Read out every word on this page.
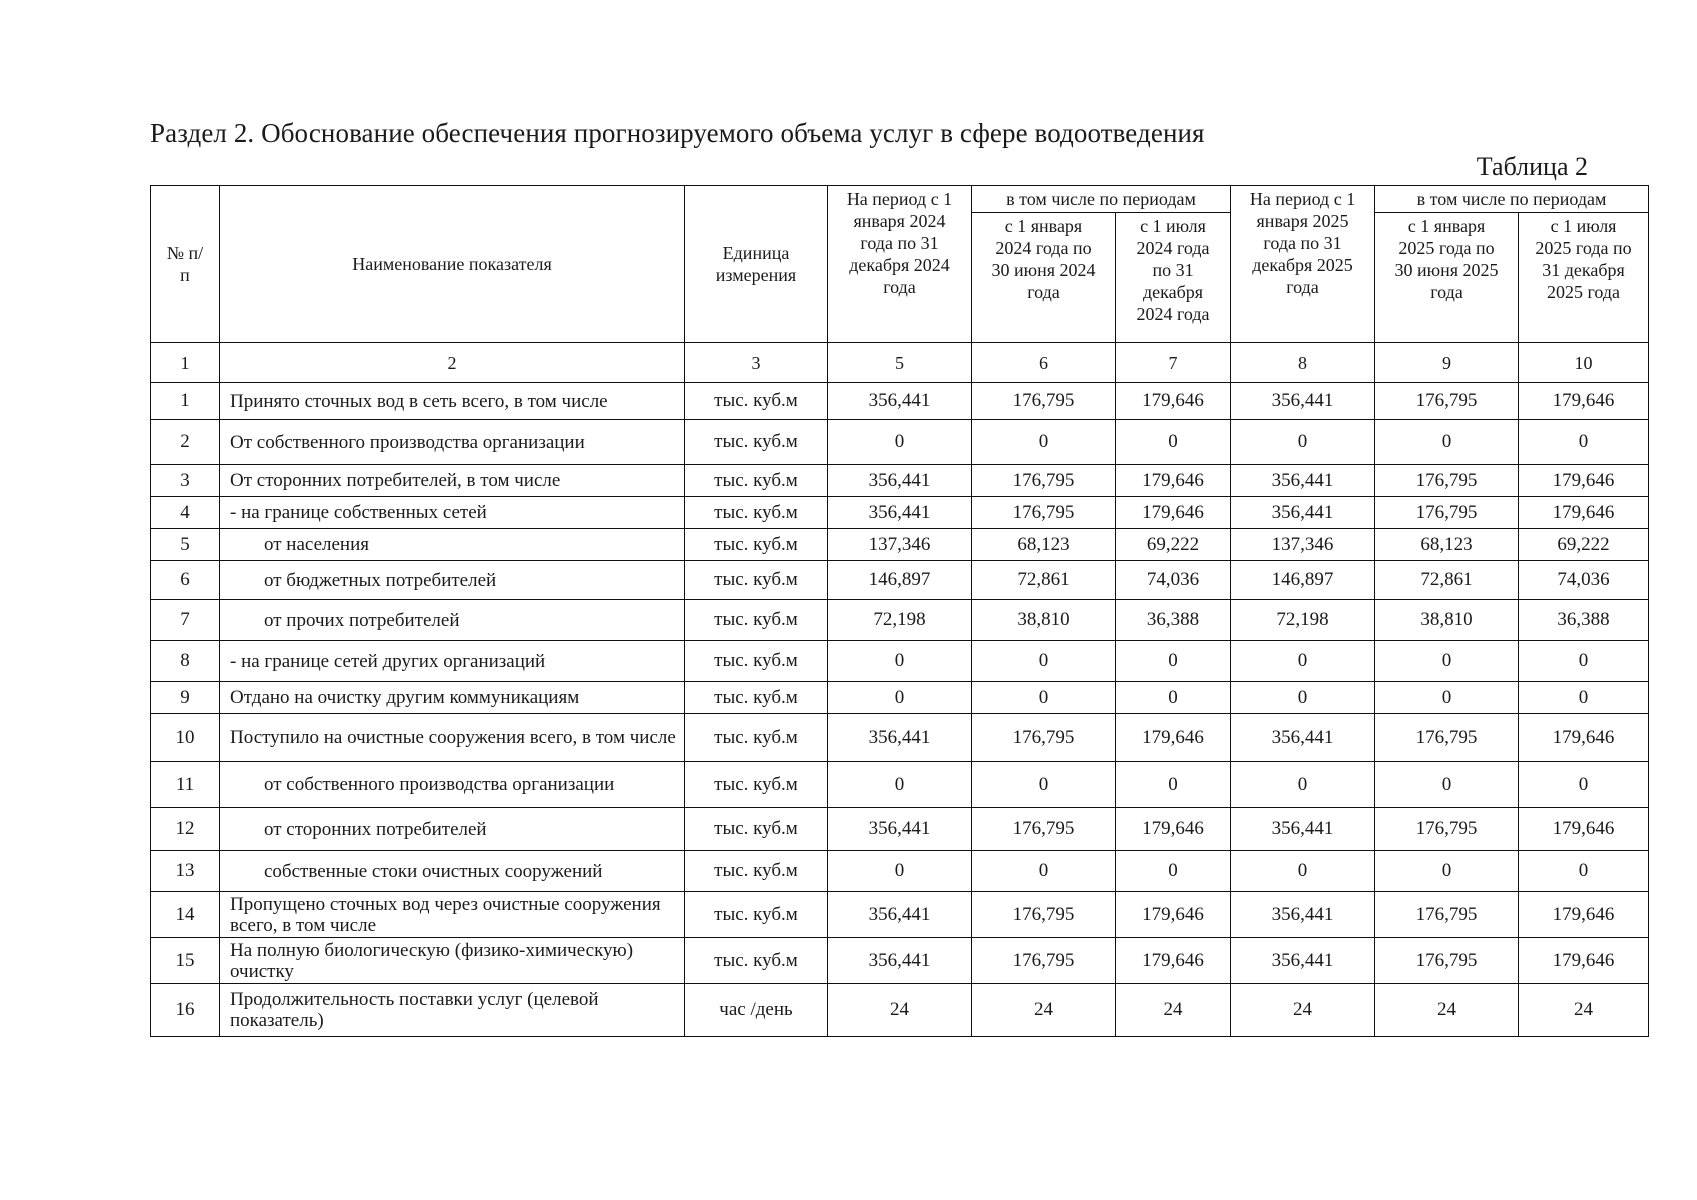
Раздел 2. Обоснование обеспечения прогнозируемого объема услуг в сфере водоотведения
Таблица 2
№ п/п	Наименование показателя	Единица измерения	На период с 1 января 2024 года по 31 декабря 2024 года	в том числе по периодам		На период с 1 января 2025 года по 31 декабря 2025 года	в том числе по периодам	
				с 1 января 2024 года по 30 июня 2024 года	с 1 июля 2024 года по 31 декабря 2024 года		с 1 января 2025 года по 30 июня 2025 года	с 1 июля 2025 года по 31 декабря 2025 года
1	2	3	5	6	7	8	9	10
1	Принято сточных вод в сеть всего, в том числе	тыс. куб.м	356,441	176,795	179,646	356,441	176,795	179,646
2	От собственного производства организации	тыс. куб.м	0	0	0	0	0	0
3	От сторонних потребителей, в том числе	тыс. куб.м	356,441	176,795	179,646	356,441	176,795	179,646
4	- на границе собственных сетей	тыс. куб.м	356,441	176,795	179,646	356,441	176,795	179,646
5	от населения	тыс. куб.м	137,346	68,123	69,222	137,346	68,123	69,222
6	от бюджетных потребителей	тыс. куб.м	146,897	72,861	74,036	146,897	72,861	74,036
7	от прочих потребителей	тыс. куб.м	72,198	38,810	36,388	72,198	38,810	36,388
8	- на границе сетей других организаций	тыс. куб.м	0	0	0	0	0	0
9	Отдано на очистку другим коммуникациям	тыс. куб.м	0	0	0	0	0	0
10	Поступило на очистные сооружения всего, в том числе	тыс. куб.м	356,441	176,795	179,646	356,441	176,795	179,646
11	от собственного производства организации	тыс. куб.м	0	0	0	0	0	0
12	от сторонних потребителей	тыс. куб.м	356,441	176,795	179,646	356,441	176,795	179,646
13	собственные стоки очистных сооружений	тыс. куб.м	0	0	0	0	0	0
14	Пропущено сточных вод через очистные сооружения всего, в том числе	тыс. куб.м	356,441	176,795	179,646	356,441	176,795	179,646
15	На полную биологическую (физико-химическую) очистку	тыс. куб.м	356,441	176,795	179,646	356,441	176,795	179,646
16	Продолжительность поставки услуг (целевой показатель)	час /день	24	24	24	24	24	24
